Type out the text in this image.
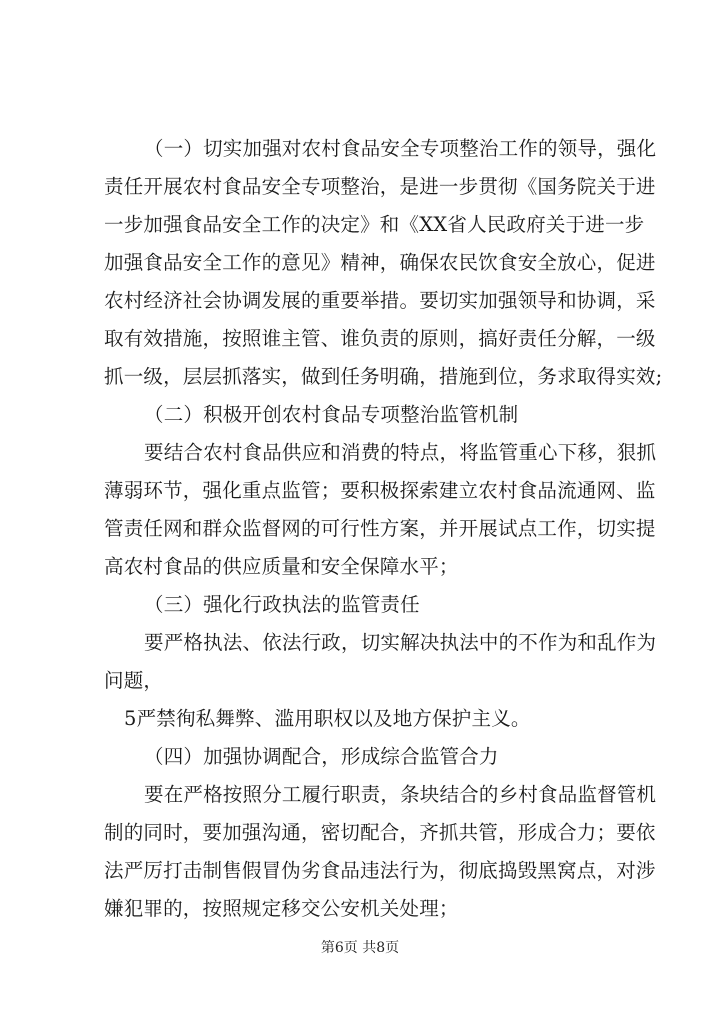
（一）切实加强对农村食品安全专项整治工作的领导，强化
责任开展农村食品安全专项整治，是进一步贯彻《国务院关于进
一步加强食品安全工作的决定》和《XX省人民政府关于进一步
加强食品安全工作的意见》精神，确保农民饮食安全放心，促进
农村经济社会协调发展的重要举措。要切实加强领导和协调，采
取有效措施，按照谁主管、谁负责的原则，搞好责任分解，一级
抓一级，层层抓落实，做到任务明确，措施到位，务求取得实效;
（二）积极开创农村食品专项整治监管机制
要结合农村食品供应和消费的特点，将监管重心下移，狠抓
薄弱环节，强化重点监管；要积极探索建立农村食品流通网、监
管责任网和群众监督网的可行性方案，并开展试点工作，切实提
高农村食品的供应质量和安全保障水平；
（三）强化行政执法的监管责任
要严格执法、依法行政，切实解决执法中的不作为和乱作为
问题，
5严禁徇私舞弊、滥用职权以及地方保护主义。
（四）加强协调配合，形成综合监管合力
要在严格按照分工履行职责，条块结合的乡村食品监督管机
制的同时，要加强沟通，密切配合，齐抓共管，形成合力；要依
法严厉打击制售假冒伪劣食品违法行为，彻底捣毁黑窝点，对涉
嫌犯罪的，按照规定移交公安机关处理；
第6页 共8页
